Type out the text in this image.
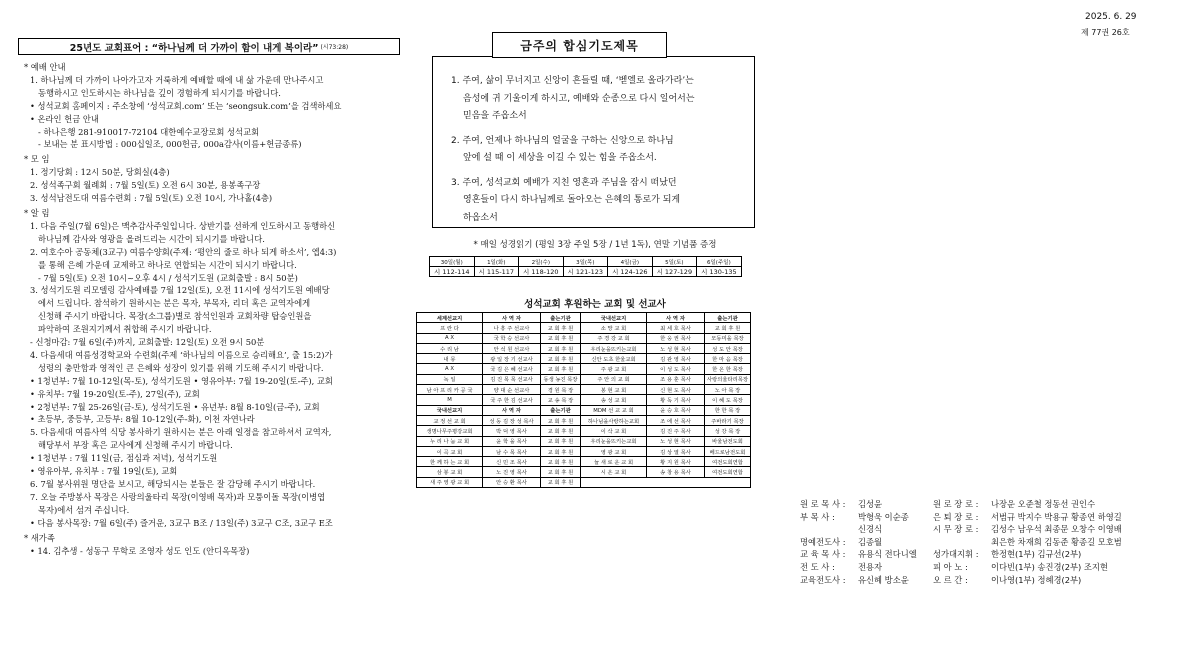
2025. 6. 29
제 77권 26호
25년도 교회표어 : “하나님께 더 가까이 함이 내게 복이라” (시73:28)
* 예배 안내
1. 하나님께 더 가까이 나아가고자 거룩하게 예배할 때에 내 삶 가운데 만나주시고
동행하시고 인도하시는 하나님을 깊이 경험하게 되시기를 바랍니다.
• 성석교회 홈페이지 : 주소창에 ‘성석교회.com’ 또는 ‘seongsuk.com’을 검색하세요
• 온라인 헌금 안내
- 하나은행 281-910017-72104 대한예수교장로회 성석교회
- 보내는 분 표시방법 : 000십일조, 000헌금, 000a감사(이름+헌금종류)
* 모 임
1. 정기당회 : 12시 50분, 당회실(4층)
2. 성석족구회 월례회 : 7월 5일(토) 오전 6시 30분, 용봉족구장
3. 성석남전도대 여름수련회 : 7월 5일(토) 오전 10시, 가나홀(4층)
* 알 림
1. 다음 주일(7월 6일)은 맥추감사주일입니다. 상반기를 선하게 인도하시고 동행하신
하나님께 감사와 영광을 올려드리는 시간이 되시기를 바랍니다.
2. 여호수아 공동체(3교구) 여름수양회(주제: ‘평안의 줄로 하나 되게 하소서’, 엡4:3)
를 통해 은혜 가운데 교제하고 하나로 연합되는 시간이 되시기 바랍니다.
- 7월 5일(토) 오전 10시~오후 4시 / 성석기도원 (교회출발 : 8시 50분)
3. 성석기도원 리모델링 감사예배를 7월 12일(토), 오전 11시에 성석기도원 예배당
에서 드립니다. 참석하기 원하시는 분은 목자, 부목자, 리더 혹은 교역자에게
신청해 주시기 바랍니다. 목장(소그룹)별로 참석인원과 교회차량 탑승인원을
파악하여 조원지기께서 취합해 주시기 바랍니다.
- 신청마감: 7월 6일(주)까지, 교회출발: 12일(토) 오전 9시 50분
4. 다음세대 여름성경학교와 수련회(주제 ‘하나님의 이름으로 승리해요’, 출 15:2)가
성령의 충만함과 영적인 큰 은혜와 성장이 있기를 위해 기도해 주시기 바랍니다.
• 1청년부: 7월 10-12일(목-토), 성석기도원 • 영유아부: 7월 19-20일(토-주), 교회
• 유치부: 7월 19-20일(토-주), 27일(주), 교회
• 2청년부: 7월 25-26일(금-토), 성석기도원 • 유년부: 8월 8-10일(금-주), 교회
• 초등부, 중등부, 고등부: 8월 10-12일(주-화), 이천 자연나라
5. 다음세대 여름사역 식당 봉사하기 원하시는 분은 아래 일정을 참고하셔서 교역자,
해당부서 부장 혹은 교사에게 신청해 주시기 바랍니다.
• 1청년부 : 7월 11일(금, 점심과 저녁), 성석기도원
• 영유아부, 유치부 : 7월 19일(토), 교회
6. 7월 봉사위원 명단을 보시고, 해당되시는 분들은 잘 감당해 주시기 바랍니다.
7. 오늘 주방봉사 목장은 사랑의울타리 목장(이영배 목자)과 모퉁이돌 목장(이병엽
목자)에서 섬겨 주십니다.
• 다음 봉사목장: 7월 6일(주) 즐거운, 3교구 B조 / 13일(주) 3교구 C조, 3교구 E조
* 새가족
• 14. 김추생 - 성동구 무학로 조영자 성도 인도 (안디옥목장)
1. 주여, 삶이 무너지고 신앙이 흔들릴 때, ‘벧엘로 올라가라’는
음성에 귀 기울이게 하시고, 예배와 순종으로 다시 일어서는
믿음을 주옵소서
2. 주여, 언제나 하나님의 얼굴을 구하는 신앙으로 하나님
앞에 설 때 이 세상을 이길 수 있는 힘을 주옵소서.
3. 주여, 성석교회 예배가 지친 영혼과 주님을 잠시 떠났던
영혼들이 다시 하나님께로 돌아오는 은혜의 통로가 되게
하옵소서
금주의 합심기도제목
* 매일 성경읽기 (평일 3장 주일 5장 / 1년 1독), 연말 기념품 증정
30일(월)	1일(화)	2일(수)	3일(목)	4일(금)	5일(토)	6일(주일)
시 112-114	시 115-117	시 118-120	시 121-123	시 124-126	시 127-129	시 130-135
성석교회 후원하는 교회 및 선교사
세계선교지	사 역 자	출는기관	국내선교지	사 역 자	출는기관
프 란 다	나 흥 주 선교사	교 회 후 원	소 망 교 회	최 세 호 목사	교 회 후 원
A X	국 학 승 선교사	교 회 후 원	주 경 강 교 회	한 웅 권 목사	모동미을 목장
수 리 남	안 석 원 선교사	교 회 후 원	우리눈을뜨키는교회	노 성 현 목사	성 도 안 목장
내 몽	광 일 장 기 선교사	교 회 후 원	신안 도초 한울교회	김 관 영 목사	한 마 음 목장
A X	국 김 은 혜 선교사	교 회 후 원	주 광 교 회	이 성 도 목사	한 온 한 목장
녹 일	김 진 목 목 선교사	동생 농진 목장	주 안 의 교 회	조 용 훈 목사	사랑의울타리목장
남 아 프 리 카 공 국	양 대 순 선교사	경 원 목 장	봉 현 교 회	신 현 도 목사	노 아 목 장
M	국 주 한 김 선교사	교 송 목 장	송 성 교 회	황 독 기 목사	이 혜 도 목장
국내선교지	사 역 자	출는기관	MDM 선 교 교 회	윤 승 호 목사	한 한 목 장
교 정 선 교 회	성 동 김 장 성 목사	교 회 후 원	하나님을사랑하는교회	조 에 선 목사	주바라기 목장
생명나무주평강교회	박 덕 영 목사	교 회 후 원	이 삭 교 회	김 진 주 목사	성 강 목 장
누 리 나 눔 교 회	윤 학 을 목사	교 회 후 원	우리눈을뜨키는교회	노 성 현 목사	바울남전도회
이 곡 교 회	남 수 목 목사	교 회 후 원	영 광 교 회	김 상 열 목사	베드로남전도회
한 께 하 는 교 회	신 민 조 목사	교 회 후 원	늘 새 로 운 교 회	황 지 원 목사	여전도회연합
삼 봉 교 회	노 진 영 목사	교 회 후 원	시 온 교 회	송 창 용 목사	여전도회연합
새 주 영 광 교 회	안 승 환 목사	교 회 후 원			
원 로 목 사 : 김성윤
부 목 사 :	박형욱 이순종
신경식
명예전도사 : 김종월
교 육 목 사 : 유용식 전다니엘
전 도 사 :	전용자
교육전도사 : 유신혜 방소윤
원 로 장 로 : 나장운 오준철 정동선 권인수
은 퇴 장 로 : 서범규 박지수 박용규 황종연 하영길
시 무 장 로 : 김성수 남우석 최종문 오창수 이영배
최은한 차재희 김동준 황종길 모호범
성가대지휘 : 한정현(1부) 김규선(2부)
피 아 노 :	이다빈(1부) 송진경(2부) 조지현
오 르 간 :	이나영(1부) 정혜경(2부)
